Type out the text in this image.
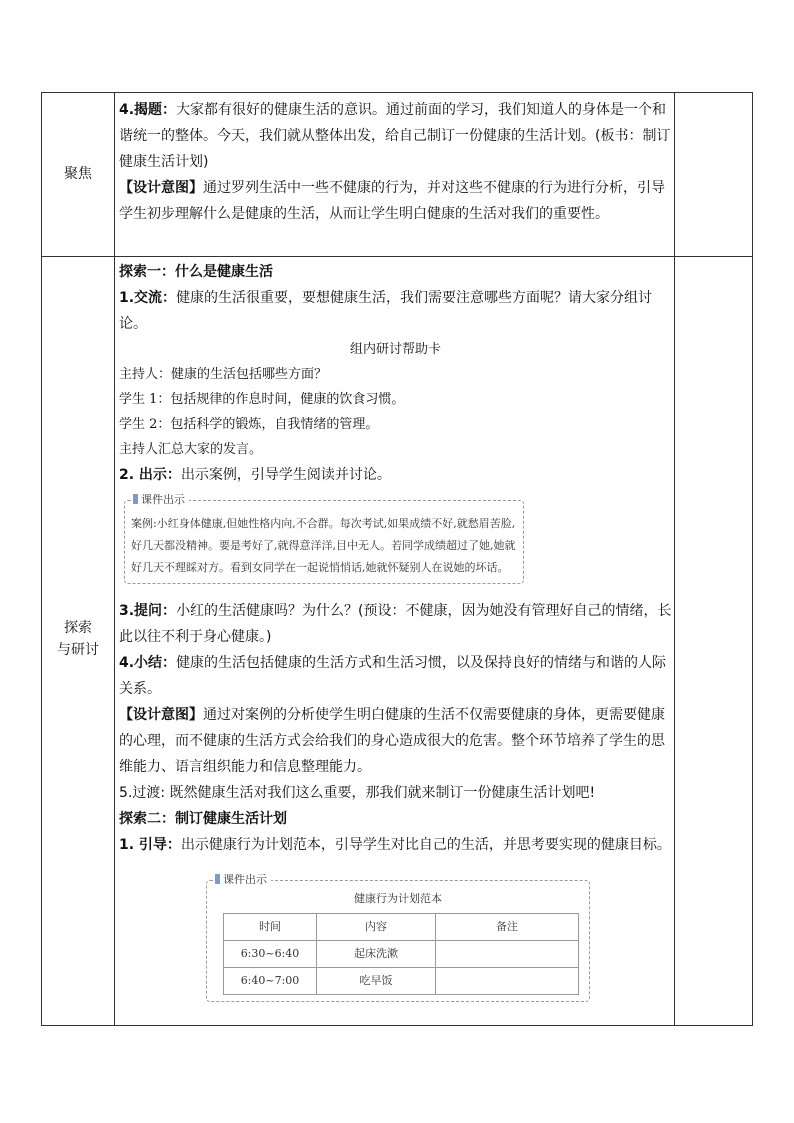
聚焦

4.揭题：大家都有很好的健康生活的意识。通过前面的学习，我们知道人的身体是一个和谐统一的整体。今天，我们就从整体出发，给自己制订一份健康的生活计划。(板书：制订健康生活计划)

【设计意图】通过罗列生活中一些不健康的行为，并对这些不健康的行为进行分析，引导学生初步理解什么是健康的生活，从而让学生明白健康的生活对我们的重要性。

探索
与研讨

探索一：什么是健康生活

1.交流：健康的生活很重要，要想健康生活，我们需要注意哪些方面呢？请大家分组讨论。

组内研讨帮助卡

主持人：健康的生活包括哪些方面？

学生 1：包括规律的作息时间，健康的饮食习惯。

学生 2：包括科学的锻炼，自我情绪的管理。

主持人汇总大家的发言。

2. 出示：出示案例，引导学生阅读并讨论。

课件出示
案例:小红身体健康,但她性格内向,不合群。每次考试,如果成绩不好,就愁眉苦脸,好几天都没精神。要是考好了,就得意洋洋,目中无人。若同学成绩超过了她,她就好几天不理睬对方。看到女同学在一起说悄悄话,她就怀疑别人在说她的坏话。

3.提问：小红的生活健康吗？为什么？(预设：不健康，因为她没有管理好自己的情绪，长此以往不利于身心健康。)

4.小结：健康的生活包括健康的生活方式和生活习惯，以及保持良好的情绪与和谐的人际关系。

【设计意图】通过对案例的分析使学生明白健康的生活不仅需要健康的身体，更需要健康的心理，而不健康的生活方式会给我们的身心造成很大的危害。整个环节培养了学生的思维能力、语言组织能力和信息整理能力。

5.过渡: 既然健康生活对我们这么重要，那我们就来制订一份健康生活计划吧!

探索二：制订健康生活计划

1. 引导：出示健康行为计划范本，引导学生对比自己的生活，并思考要实现的健康目标。

课件出示
健康行为计划范本
时间	内容	备注
6:30~6:40	起床洗漱	
6:40~7:00	吃早饭	
